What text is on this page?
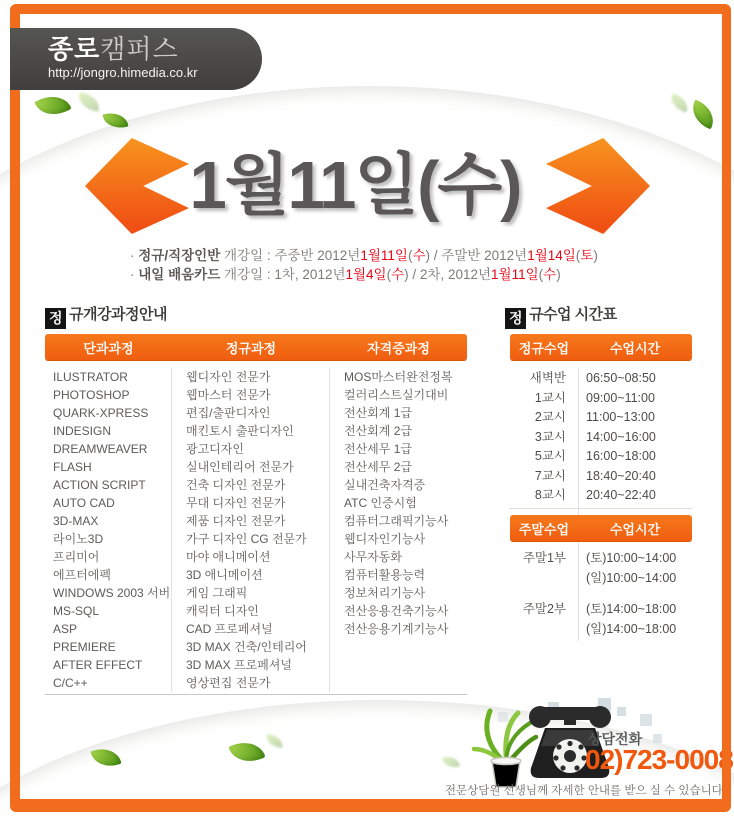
종로캠퍼스
http://jongro.himedia.co.kr
1월11일(수)
· 정규/직장인반 개강일 : 주중반 2012년1월11일(수) / 주말반 2012년1월14일(토)
· 내일 배움카드 개강일 : 1차, 2012년1월4일(수) / 2차, 2012년1월11일(수)
정 규개강과정안내
단과과정	정규과정	자격증과정
ILUSTRATOR	웹디자인 전문가	MOS마스터완전정복
PHOTOSHOP	웹마스터 전문가	컬러리스트실기대비
QUARK-XPRESS	편집/출판디자인	전산회계 1급
INDESIGN	매킨토시 출판디자인	전산회계 2급
DREAMWEAVER	광고디자인	전산세무 1급
FLASH	실내인테리어 전문가	전산세무 2급
ACTION SCRIPT	건축 디자인 전문가	실내건축자격증
AUTO CAD	무대 디자인 전문가	ATC 인증시험
3D-MAX	제품 디자인 전문가	컴퓨터그래픽기능사
라이노3D	가구 디자인 CG 전문가	웹디자인기능사
프리미어	마야 애니메이션	사무자동화
에프터에펙	3D 애니메이션	컴퓨터활용능력
WINDOWS 2003 서버	게임 그래픽	정보처리기능사
MS-SQL	캐릭터 디자인	전산응용건축기능사
ASP	CAD 프로페셔널	전산응용기계기능사
PREMIERE	3D MAX 건축/인테리어
AFTER EFFECT	3D MAX 프로페셔널
C/C++	영상편집 전문가
정 규수업 시간표
정규수업	수업시간
새벽반	06:50~08:50
1교시	09:00~11:00
2교시	11:00~13:00
3교시	14:00~16:00
5교시	16:00~18:00
7교시	18:40~20:40
8교시	20:40~22:40
주말수업	수업시간
주말1부	(토)10:00~14:00
(일)10:00~14:00
주말2부	(토)14:00~18:00
(일)14:00~18:00
상담전화
02)723-0008
전문상담원 선생님께 자세한 안내를 받으 실 수 있습니다.
